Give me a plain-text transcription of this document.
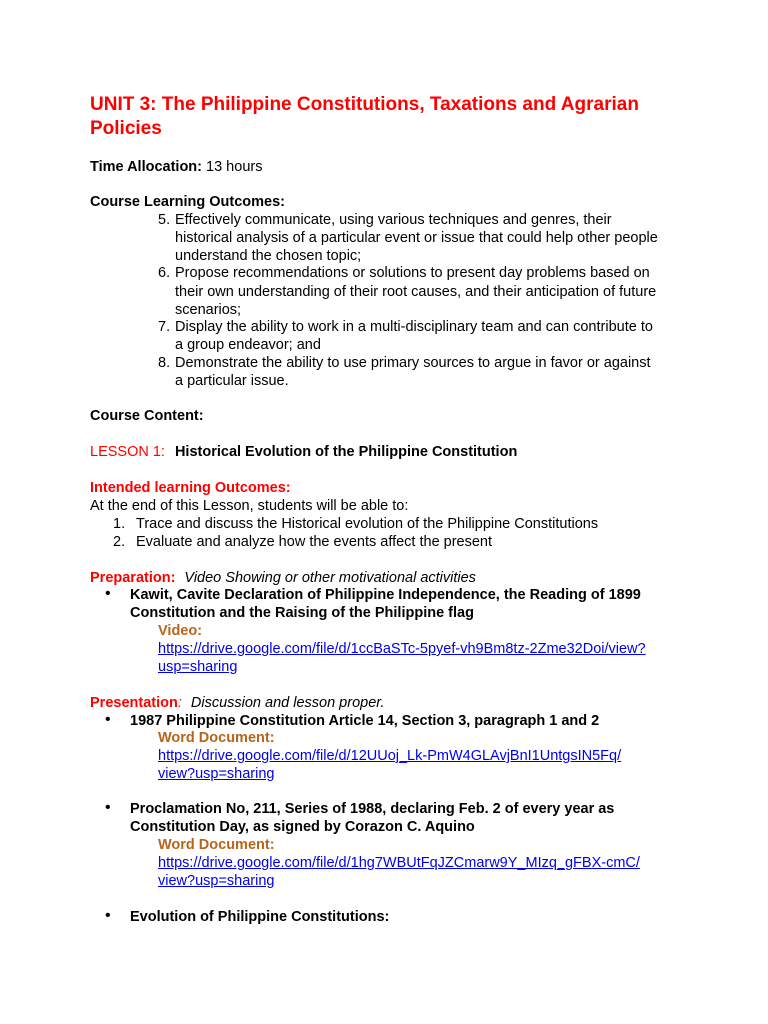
UNIT 3: The Philippine Constitutions, Taxations and Agrarian
Policies
Time Allocation: 13 hours
Course Learning Outcomes:
5. Effectively communicate, using various techniques and genres, their
historical analysis of a particular event or issue that could help other people
understand the chosen topic;
6. Propose recommendations or solutions to present day problems based on
their own understanding of their root causes, and their anticipation of future
scenarios;
7. Display the ability to work in a multi-disciplinary team and can contribute to
a group endeavor; and
8. Demonstrate the ability to use primary sources to argue in favor or against
a particular issue.
Course Content:
LESSON 1: Historical Evolution of the Philippine Constitution
Intended learning Outcomes:
At the end of this Lesson, students will be able to:
1. Trace and discuss the Historical evolution of the Philippine Constitutions
2. Evaluate and analyze how the events affect the present
Preparation: Video Showing or other motivational activities
• Kawit, Cavite Declaration of Philippine Independence, the Reading of 1899
Constitution and the Raising of the Philippine flag
Video:
https://drive.google.com/file/d/1ccBaSTc-5pyef-vh9Bm8tz-2Zme32Doi/view?
usp=sharing
Presentation: Discussion and lesson proper.
• 1987 Philippine Constitution Article 14, Section 3, paragraph 1 and 2
Word Document:
https://drive.google.com/file/d/12UUoj_Lk-PmW4GLAvjBnI1UntgsIN5Fq/
view?usp=sharing
• Proclamation No, 211, Series of 1988, declaring Feb. 2 of every year as
Constitution Day, as signed by Corazon C. Aquino
Word Document:
https://drive.google.com/file/d/1hg7WBUtFqJZCmarw9Y_MIzq_gFBX-cmC/
view?usp=sharing
• Evolution of Philippine Constitutions:
